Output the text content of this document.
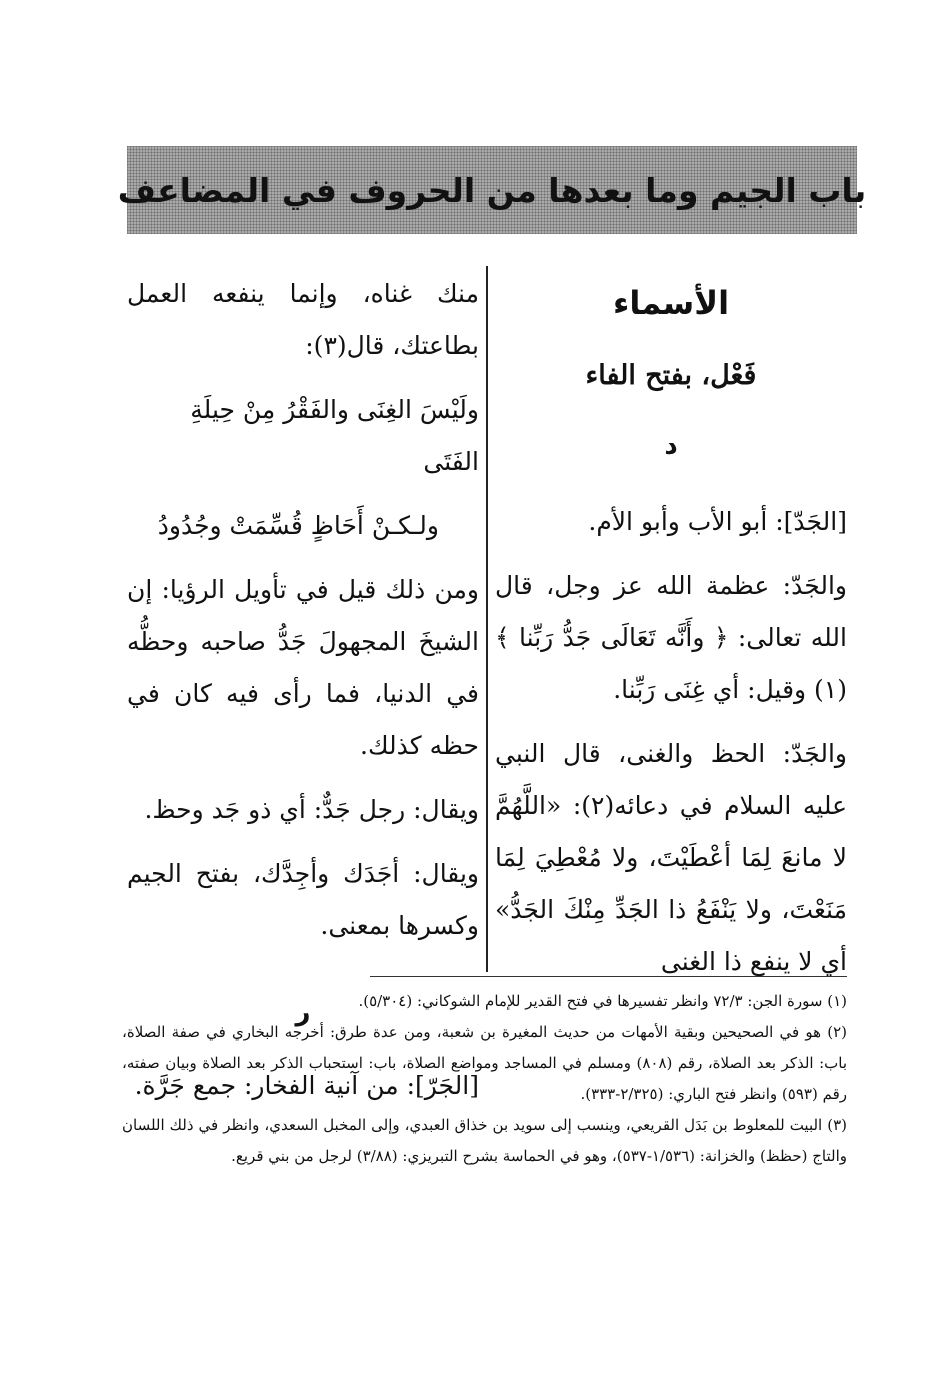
باب الجيم وما بعدها من الحروف في المضاعف

الأسماء

فَعْل، بفتح الفاء

د

[الجَدّ]: أبو الأب وأبو الأم.

والجَدّ: عظمة الله عز وجل، قال الله تعالى: ﴿ وأَنَّه تَعَالَى جَدُّ رَبِّنا ﴾(١) وقيل: أي غِنَى رَبِّنا.

والجَدّ: الحظ والغنى، قال النبي عليه السلام في دعائه(٢): «اللَّهُمَّ لا مانعَ لِمَا أعْطَيْتَ، ولا مُعْطِيَ لِمَا مَنَعْتَ، ولا يَنْفَعُ ذا الجَدِّ مِنْكَ الجَدُّ» أي لا ينفع ذا الغنى

منك غناه، وإنما ينفعه العمل بطاعتك، قال(٣):

ولَيْسَ الغِنَى والفَقْرُ مِنْ حِيلَةِ الفَتَى

ولـكـنْ أَحَاظٍ قُسِّمَتْ وجُدُودُ

ومن ذلك قيل في تأويل الرؤيا: إن الشيخَ المجهولَ جَدُّ صاحبه وحظُّه في الدنيا، فما رأى فيه كان في حظه كذلك.

ويقال: رجل جَدٌّ: أي ذو جَد وحظ.

ويقال: أجَدَك وأجِدَّك، بفتح الجيم وكسرها بمعنى.

ر

[الجَرّ]: من آنية الفخار: جمع جَرَّة.

(١) سورة الجن: ٧٢/٣ وانظر تفسيرها في فتح القدير للإمام الشوكاني: (٥/٣٠٤).

(٢) هو في الصحيحين وبقية الأمهات من حديث المغيرة بن شعبة، ومن عدة طرق: أخرجه البخاري في صفة الصلاة، باب: الذكر بعد الصلاة، رقم (٨٠٨) ومسلم في المساجد ومواضع الصلاة، باب: استحباب الذكر بعد الصلاة وبيان صفته، رقم (٥٩٣) وانظر فتح الباري: (٢/٣٢٥-٣٣٣).

(٣) البيت للمعلوط بن بَدَل القريعي، وينسب إلى سويد بن خذاق العبدي، وإلى المخبل السعدي، وانظر في ذلك اللسان والتاج (حظظ) والخزانة: (١/٥٣٦-٥٣٧)، وهو في الحماسة بشرح التبريزي: (٣/٨٨) لرجل من بني قريع.
